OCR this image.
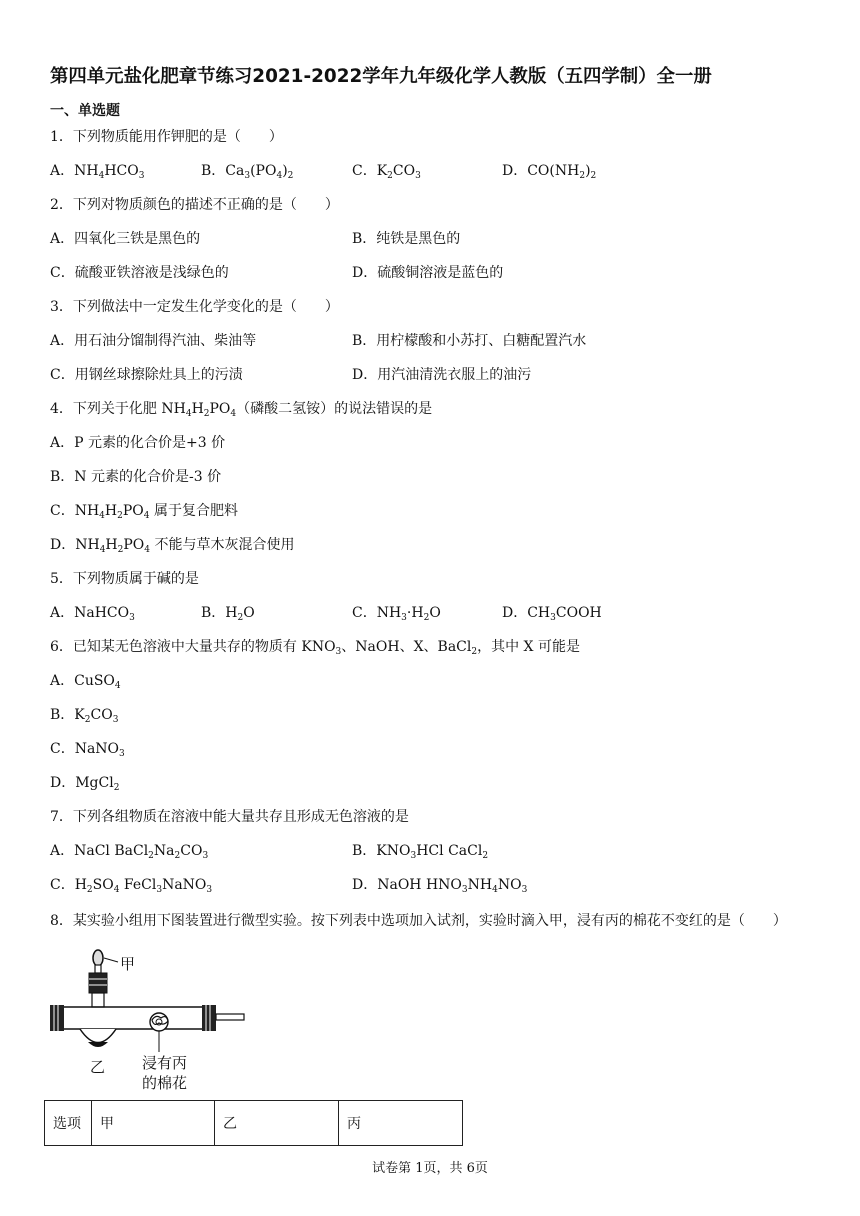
第四单元盐化肥章节练习2021-2022学年九年级化学人教版（五四学制）全一册
一、单选题
1．下列物质能用作钾肥的是（　　）
A．$NH_4HCO_3$	B．$Ca_3(PO_4)_2$	C．$K_2CO_3$	D．$CO(NH_2)_2$
2．下列对物质颜色的描述不正确的是（　　）
A．四氧化三铁是黑色的	B．纯铁是黑色的
C．硫酸亚铁溶液是浅绿色的	D．硫酸铜溶液是蓝色的
3．下列做法中一定发生化学变化的是（　　）
A．用石油分馏制得汽油、柴油等	B．用柠檬酸和小苏打、白糖配置汽水
C．用钢丝球擦除灶具上的污渍	D．用汽油清洗衣服上的油污
4．下列关于化肥 $NH_4H_2PO_4$（磷酸二氢铵）的说法错误的是
A．P 元素的化合价是+3 价
B．N 元素的化合价是-3 价
C．$NH_4H_2PO_4$ 属于复合肥料
D．$NH_4H_2PO_4$ 不能与草木灰混合使用
5．下列物质属于碱的是
A．NaHCO$_3$	B．$H_2O$	C．$NH_3\cdot H_2O$	D．$CH_3COOH$
6．已知某无色溶液中大量共存的物质有 $KNO_3$、NaOH、X、BaCl$_2$，其中 X 可能是
A．CuSO$_4$
B．$K_2CO_3$
C．NaNO$_3$
D．MgCl$_2$
7．下列各组物质在溶液中能大量共存且形成无色溶液的是
A．NaCl $BaCl_2Na_2CO_3$	B．$KNO_3HCl$ CaCl$_2$
C．$H_2SO_4$ FeCl$_3$NaNO$_3$	D．NaOH $HNO_3NH_4NO_3$
8．某实验小组用下图装置进行微型实验。按下列表中选项加入试剂，实验时滴入甲，浸有丙的棉花不变红的是（　　）
甲
乙 浸有丙
的棉花
选项	甲	乙	丙
试卷第 1页，共 6页
